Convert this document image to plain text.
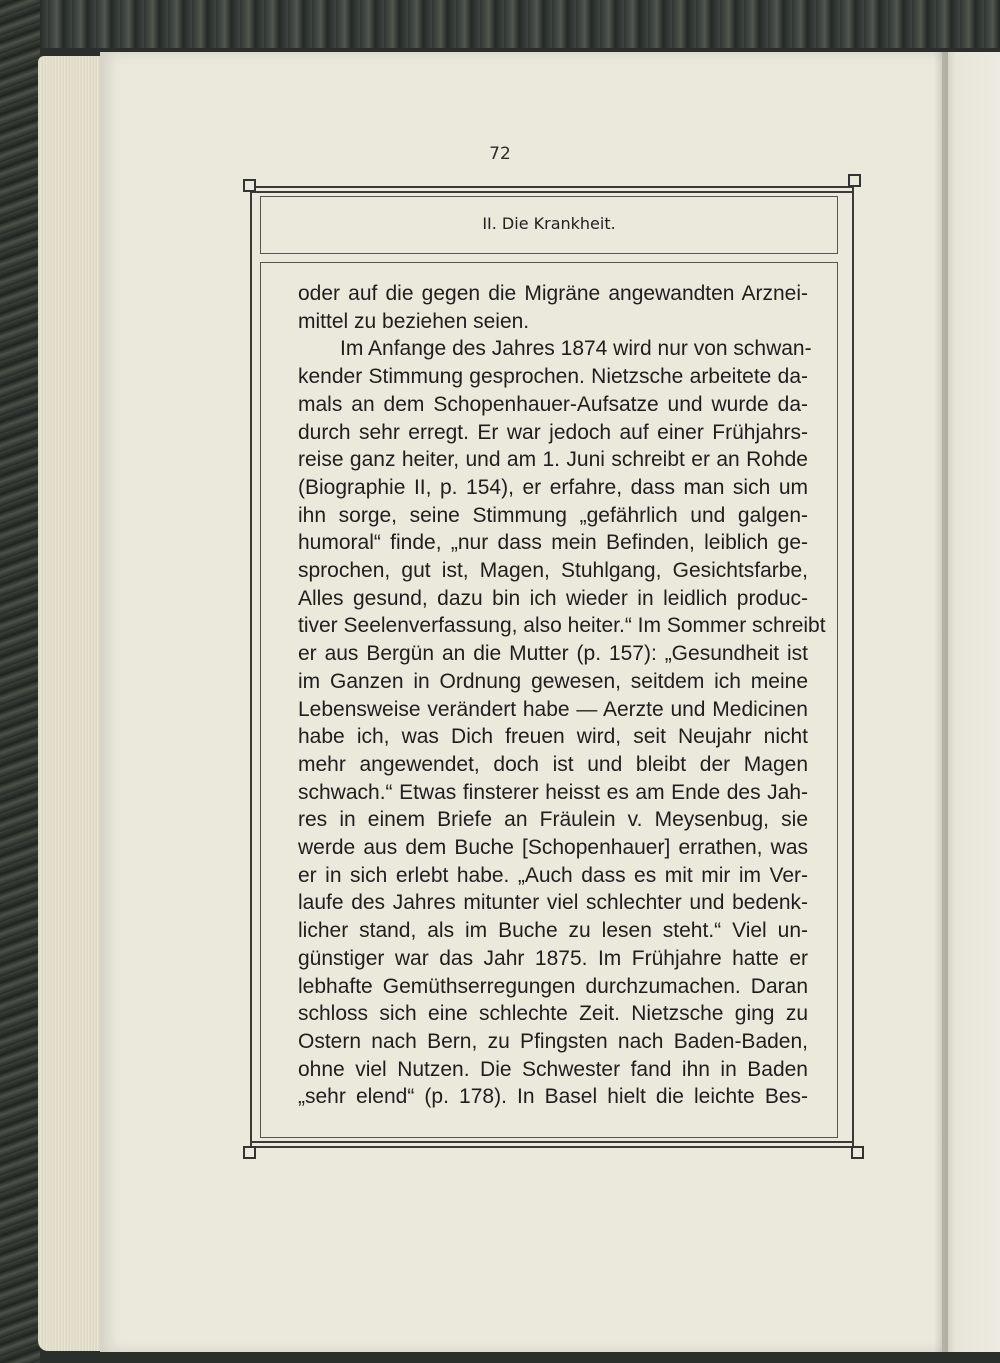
72
II. Die Krankheit.
oder auf die gegen die Migräne angewandten Arznei-
mittel zu beziehen seien.
Im Anfange des Jahres 1874 wird nur von schwan-
kender Stimmung gesprochen. Nietzsche arbeitete da-
mals an dem Schopenhauer-Aufsatze und wurde da-
durch sehr erregt. Er war jedoch auf einer Frühjahrs-
reise ganz heiter, und am 1. Juni schreibt er an Rohde
(Biographie II, p. 154), er erfahre, dass man sich um
ihn sorge, seine Stimmung „gefährlich und galgen-
humoral“ finde, „nur dass mein Befinden, leiblich ge-
sprochen, gut ist, Magen, Stuhlgang, Gesichtsfarbe,
Alles gesund, dazu bin ich wieder in leidlich produc-
tiver Seelenverfassung, also heiter.“ Im Sommer schreibt
er aus Bergün an die Mutter (p. 157): „Gesundheit ist
im Ganzen in Ordnung gewesen, seitdem ich meine
Lebensweise verändert habe — Aerzte und Medicinen
habe ich, was Dich freuen wird, seit Neujahr nicht
mehr angewendet, doch ist und bleibt der Magen
schwach.“ Etwas finsterer heisst es am Ende des Jah-
res in einem Briefe an Fräulein v. Meysenbug, sie
werde aus dem Buche [Schopenhauer] errathen, was
er in sich erlebt habe. „Auch dass es mit mir im Ver-
laufe des Jahres mitunter viel schlechter und bedenk-
licher stand, als im Buche zu lesen steht.“ Viel un-
günstiger war das Jahr 1875. Im Frühjahre hatte er
lebhafte Gemüthserregungen durchzumachen. Daran
schloss sich eine schlechte Zeit. Nietzsche ging zu
Ostern nach Bern, zu Pfingsten nach Baden-Baden,
ohne viel Nutzen. Die Schwester fand ihn in Baden
„sehr elend“ (p. 178). In Basel hielt die leichte Bes-
